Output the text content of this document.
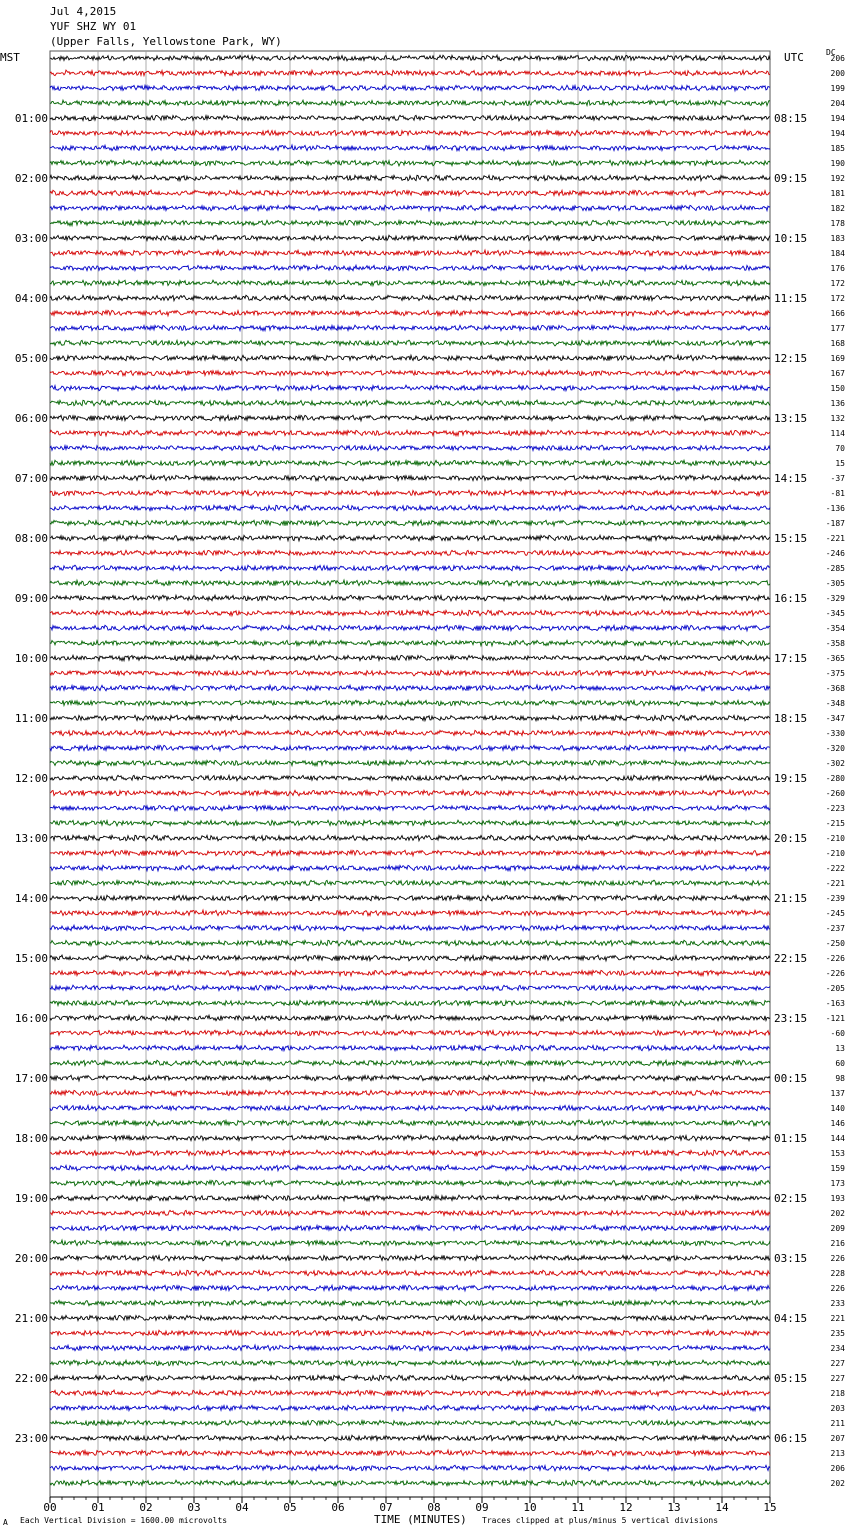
Jul 4,2015
YUF SHZ WY 01
(Upper Falls, Yellowstone Park, WY)
MST	UTC	DC
206
200
199
204
194
194
185
190
192
181
182
178
183
184
176
172
172
166
177
168
169
167
150
136
132
114
70
15
-37
-81
-136
-187
-221
-246
-285
-305
-329
-345
-354
-358
-365
-375
-368
-348
-347
-330
-320
-302
-280
-260
-223
-215
-210
-210
-222
-221
-239
-245
-237
-250
-226
-226
-205
-163
-121
-60
13
60
98
137
140
146
144
153
159
173
193
202
209
216
226
228
226
233
221
235
234
227
227
218
203
211
207
213
206
202
01:00
02:00
03:00
04:00
05:00
06:00
07:00
08:00
09:00
10:00
11:00
12:00
13:00
14:00
15:00
16:00
17:00
18:00
19:00
20:00
21:00
22:00
23:00
08:15
09:15
10:15
11:15
12:15
13:15
14:15
15:15
16:15
17:15
18:15
19:15
20:15
21:15
22:15
23:15
00:15
01:15
02:15
03:15
04:15
05:15
06:15
00	01	02	03	04	05	06	07	08	09	10	11	12	13	14	15
A Each Vertical Division = 1600.00 microvolts	TIME (MINUTES) Traces clipped at plus/minus 5 vertical divisions
